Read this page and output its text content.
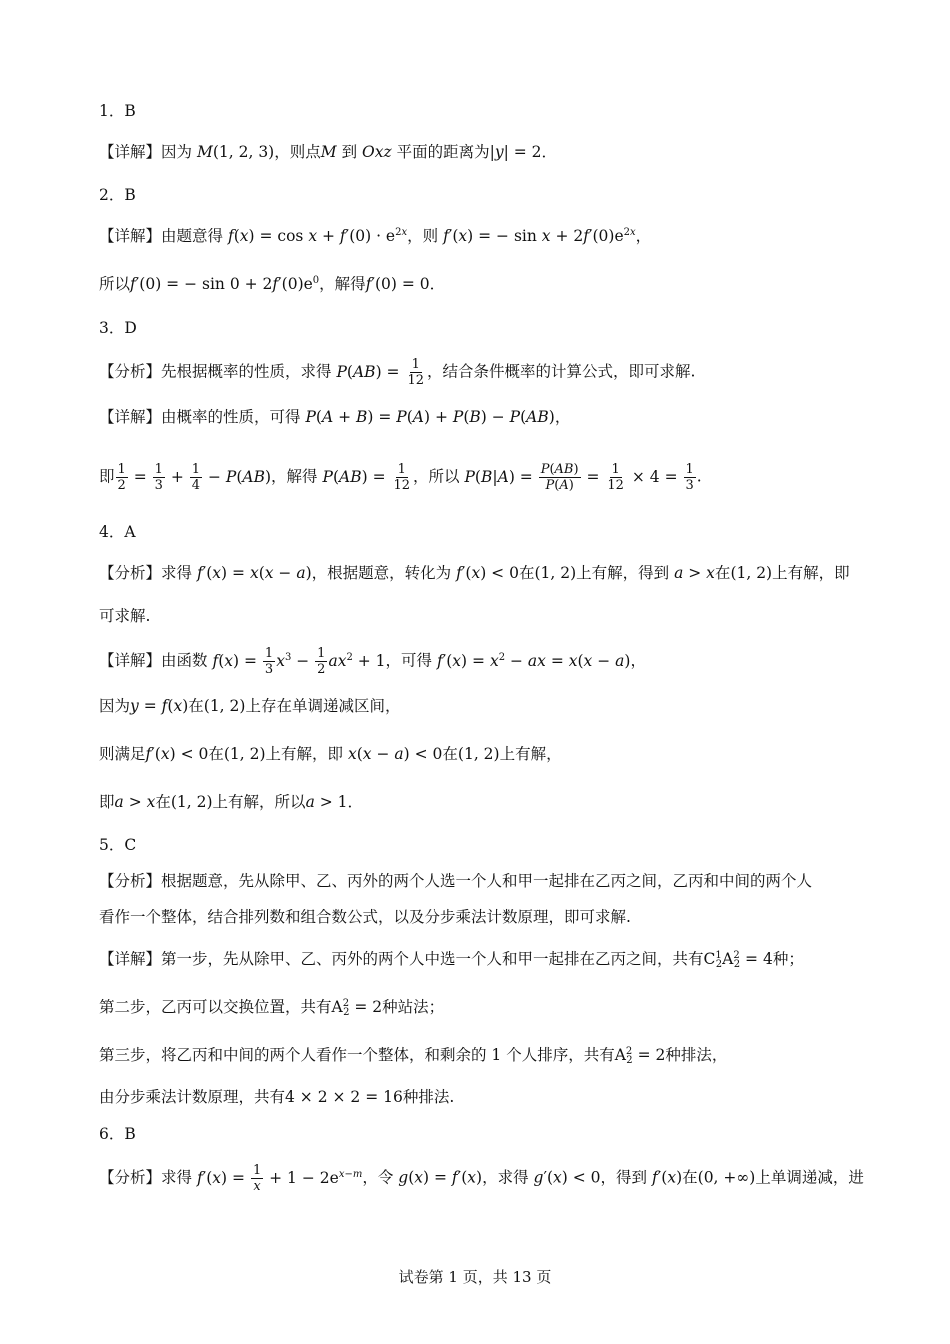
1．B
【详解】因为 M(1, 2, 3)，则点M 到 Oxz 平面的距离为|y| = 2．
2．B
【详解】由题意得 $f(x) = \cos x + f'(0) \cdot e^{2x}$，则 f′(x) = − $\sin x + 2f'(0)e^{2x}$，
所以f′(0) = − $\sin 0 + 2f'(0)e^0$，解得f′(0) = 0．
3．D
【分析】先根据概率的性质，求得 $P(AB) = \frac{1}{12}$ ，结合条件概率的计算公式，即可求解.
【详解】由概率的性质，可得 P(A + B) = P(A) + P(B) − P(AB)，
即 $\frac{1}{2} = \frac{1}{3} + \frac{1}{4} - P(AB)$，解得 $P(AB) = \frac{1}{12}$ ，所以 $P(B|A) = \frac{P(AB)}{P(A)} = \frac{1}{12} \times 4 = \frac{1}{3}$ .
4．A
【分析】求得 f′(x) = x(x − a)，根据题意，转化为 f′(x) < 0在(1, 2)上有解，得到 a > x在(1, 2)上有解，即
可求解.
【详解】由函数 $f(x) = \frac{1}{3} x^3 - \frac{1}{2} ax^2 + 1$，可得 $f'(x) = x^2$ − ax = x(x − a)，
因为y = f(x)在(1, 2)上存在单调递减区间，
则满足f′(x) < 0在(1, 2)上有解，即 x(x − a) < 0在(1, 2)上有解，
即a > x在(1, 2)上有解，所以a > 1．
5．C
【分析】根据题意，先从除甲、乙、丙外的两个人选一个人和甲一起排在乙丙之间，乙丙和中间的两个人
看作一个整体，结合排列数和组合数公式，以及分步乘法计数原理，即可求解.
【详解】第一步，先从除甲、乙、丙外的两个人中选一个人和甲一起排在乙丙之间，共有$C^1_2A^2_2 = 4$种；
第二步，乙丙可以交换位置，共有$A^2_2 = 2$种站法；
第三步，将乙丙和中间的两个人看作一个整体，和剩余的 1 个人排序，共有$A^2_2 = 2$种排法，
由分步乘法计数原理，共有4 × 2 × 2 = 16种排法.
6．B
【分析】求得 $f'(x) = \frac{1}{x} + 1 - 2e^{x-m}$，令 g(x) = f′(x)，求得 g′(x) < 0，得到 f′(x)在(0, +∞)上单调递减，进
试卷第 1 页，共 13 页
